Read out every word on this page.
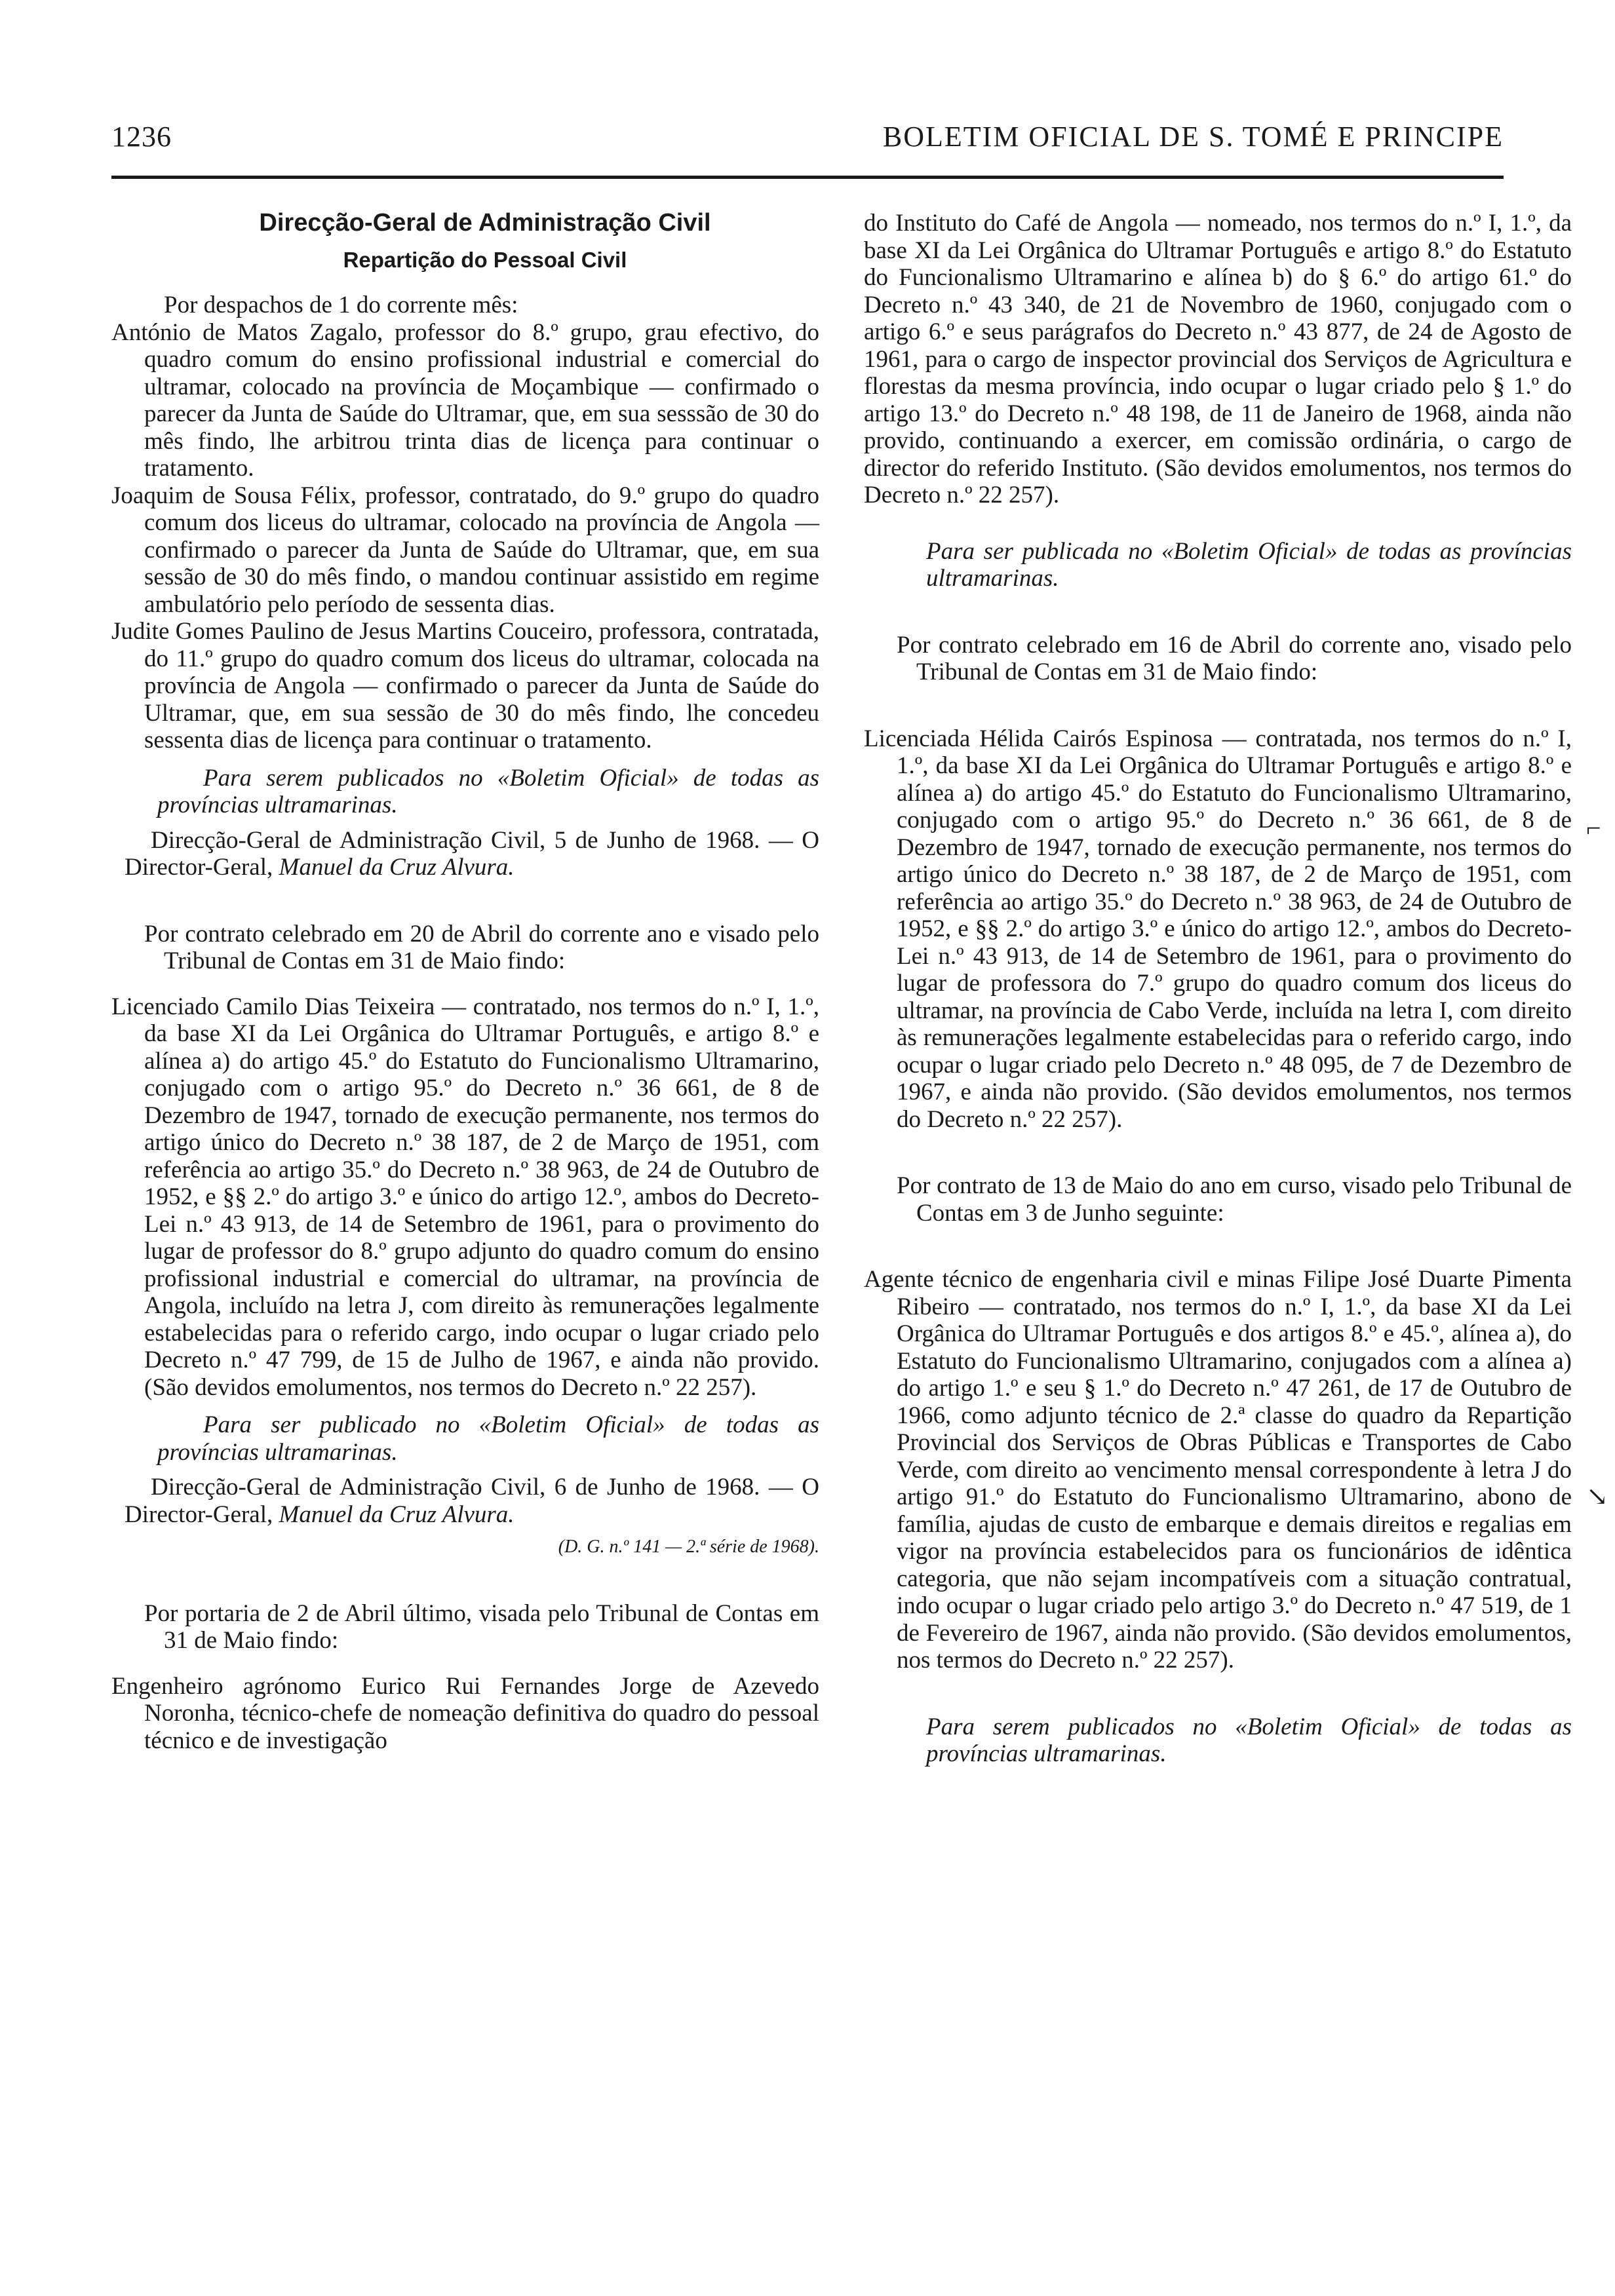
1236	BOLETIM OFICIAL DE S. TOMÉ E PRINCIPE
Direcção-Geral de Administração Civil
Repartição do Pessoal Civil
Por despachos de 1 do corrente mês:

António de Matos Zagalo, professor do 8.º grupo, grau efectivo, do quadro comum do ensino profissional industrial e comercial do ultramar, colocado na província de Moçambique — confirmado o parecer da Junta de Saúde do Ultramar, que, em sua sesssão de 30 do mês findo, lhe arbitrou trinta dias de licença para continuar o tratamento.

Joaquim de Sousa Félix, professor, contratado, do 9.º grupo do quadro comum dos liceus do ultramar, colocado na província de Angola — confirmado o parecer da Junta de Saúde do Ultramar, que, em sua sessão de 30 do mês findo, o mandou continuar assistido em regime ambulatório pelo período de sessenta dias.

Judite Gomes Paulino de Jesus Martins Couceiro, professora, contratada, do 11.º grupo do quadro comum dos liceus do ultramar, colocada na província de Angola — confirmado o parecer da Junta de Saúde do Ultramar, que, em sua sessão de 30 do mês findo, lhe concedeu sessenta dias de licença para continuar o tratamento.

Para serem publicados no «Boletim Oficial» de todas as províncias ultramarinas.

Direcção-Geral de Administração Civil, 5 de Junho de 1968. — O Director-Geral, Manuel da Cruz Alvura.

Por contrato celebrado em 20 de Abril do corrente ano e visado pelo Tribunal de Contas em 31 de Maio findo:

Licenciado Camilo Dias Teixeira — contratado, nos termos do n.º I, 1.º, da base XI da Lei Orgânica do Ultramar Português, e artigo 8.º e alínea a) do artigo 45.º do Estatuto do Funcionalismo Ultramarino, conjugado com o artigo 95.º do Decreto n.º 36 661, de 8 de Dezembro de 1947, tornado de execução permanente, nos termos do artigo único do Decreto n.º 38 187, de 2 de Março de 1951, com referência ao artigo 35.º do Decreto n.º 38 963, de 24 de Outubro de 1952, e §§ 2.º do artigo 3.º e único do artigo 12.º, ambos do Decreto-Lei n.º 43 913, de 14 de Setembro de 1961, para o provimento do lugar de professor do 8.º grupo adjunto do quadro comum do ensino profissional industrial e comercial do ultramar, na província de Angola, incluído na letra J, com direito às remunerações legalmente estabelecidas para o referido cargo, indo ocupar o lugar criado pelo Decreto n.º 47 799, de 15 de Julho de 1967, e ainda não provido. (São devidos emolumentos, nos termos do Decreto n.º 22 257).

Para ser publicado no «Boletim Oficial» de todas as províncias ultramarinas.

Direcção-Geral de Administração Civil, 6 de Junho de 1968. — O Director-Geral, Manuel da Cruz Alvura.

(D. G. n.º 141 — 2.ª série de 1968).

Por portaria de 2 de Abril último, visada pelo Tribunal de Contas em 31 de Maio findo:

Engenheiro agrónomo Eurico Rui Fernandes Jorge de Azevedo Noronha, técnico-chefe de nomeação definitiva do quadro do pessoal técnico e de investigação

do Instituto do Café de Angola — nomeado, nos termos do n.º I, 1.º, da base XI da Lei Orgânica do Ultramar Português e artigo 8.º do Estatuto do Funcionalismo Ultramarino e alínea b) do § 6.º do artigo 61.º do Decreto n.º 43 340, de 21 de Novembro de 1960, conjugado com o artigo 6.º e seus parágrafos do Decreto n.º 43 877, de 24 de Agosto de 1961, para o cargo de inspector provincial dos Serviços de Agricultura e florestas da mesma província, indo ocupar o lugar criado pelo § 1.º do artigo 13.º do Decreto n.º 48 198, de 11 de Janeiro de 1968, ainda não provido, continuando a exercer, em comissão ordinária, o cargo de director do referido Instituto. (São devidos emolumentos, nos termos do Decreto n.º 22 257).

Para ser publicada no «Boletim Oficial» de todas as províncias ultramarinas.

Por contrato celebrado em 16 de Abril do corrente ano, visado pelo Tribunal de Contas em 31 de Maio findo:

Licenciada Hélida Cairós Espinosa — contratada, nos termos do n.º I, 1.º, da base XI da Lei Orgânica do Ultramar Português e artigo 8.º e alínea a) do artigo 45.º do Estatuto do Funcionalismo Ultramarino, conjugado com o artigo 95.º do Decreto n.º 36 661, de 8 de Dezembro de 1947, tornado de execução permanente, nos termos do artigo único do Decreto n.º 38 187, de 2 de Março de 1951, com referência ao artigo 35.º do Decreto n.º 38 963, de 24 de Outubro de 1952, e §§ 2.º do artigo 3.º e único do artigo 12.º, ambos do Decreto-Lei n.º 43 913, de 14 de Setembro de 1961, para o provimento do lugar de professora do 7.º grupo do quadro comum dos liceus do ultramar, na província de Cabo Verde, incluída na letra I, com direito às remunerações legalmente estabelecidas para o referido cargo, indo ocupar o lugar criado pelo Decreto n.º 48 095, de 7 de Dezembro de 1967, e ainda não provido. (São devidos emolumentos, nos termos do Decreto n.º 22 257).

Por contrato de 13 de Maio do ano em curso, visado pelo Tribunal de Contas em 3 de Junho seguinte:

Agente técnico de engenharia civil e minas Filipe José Duarte Pimenta Ribeiro — contratado, nos termos do n.º I, 1.º, da base XI da Lei Orgânica do Ultramar Português e dos artigos 8.º e 45.º, alínea a), do Estatuto do Funcionalismo Ultramarino, conjugados com a alínea a) do artigo 1.º e seu § 1.º do Decreto n.º 47 261, de 17 de Outubro de 1966, como adjunto técnico de 2.ª classe do quadro da Repartição Provincial dos Serviços de Obras Públicas e Transportes de Cabo Verde, com direito ao vencimento mensal correspondente à letra J do artigo 91.º do Estatuto do Funcionalismo Ultramarino, abono de família, ajudas de custo de embarque e demais direitos e regalias em vigor na província estabelecidos para os funcionários de idêntica categoria, que não sejam incompatíveis com a situação contratual, indo ocupar o lugar criado pelo artigo 3.º do Decreto n.º 47 519, de 1 de Fevereiro de 1967, ainda não provido. (São devidos emolumentos, nos termos do Decreto n.º 22 257).

Para serem publicados no «Boletim Oficial» de todas as províncias ultramarinas.

⌐
↘
